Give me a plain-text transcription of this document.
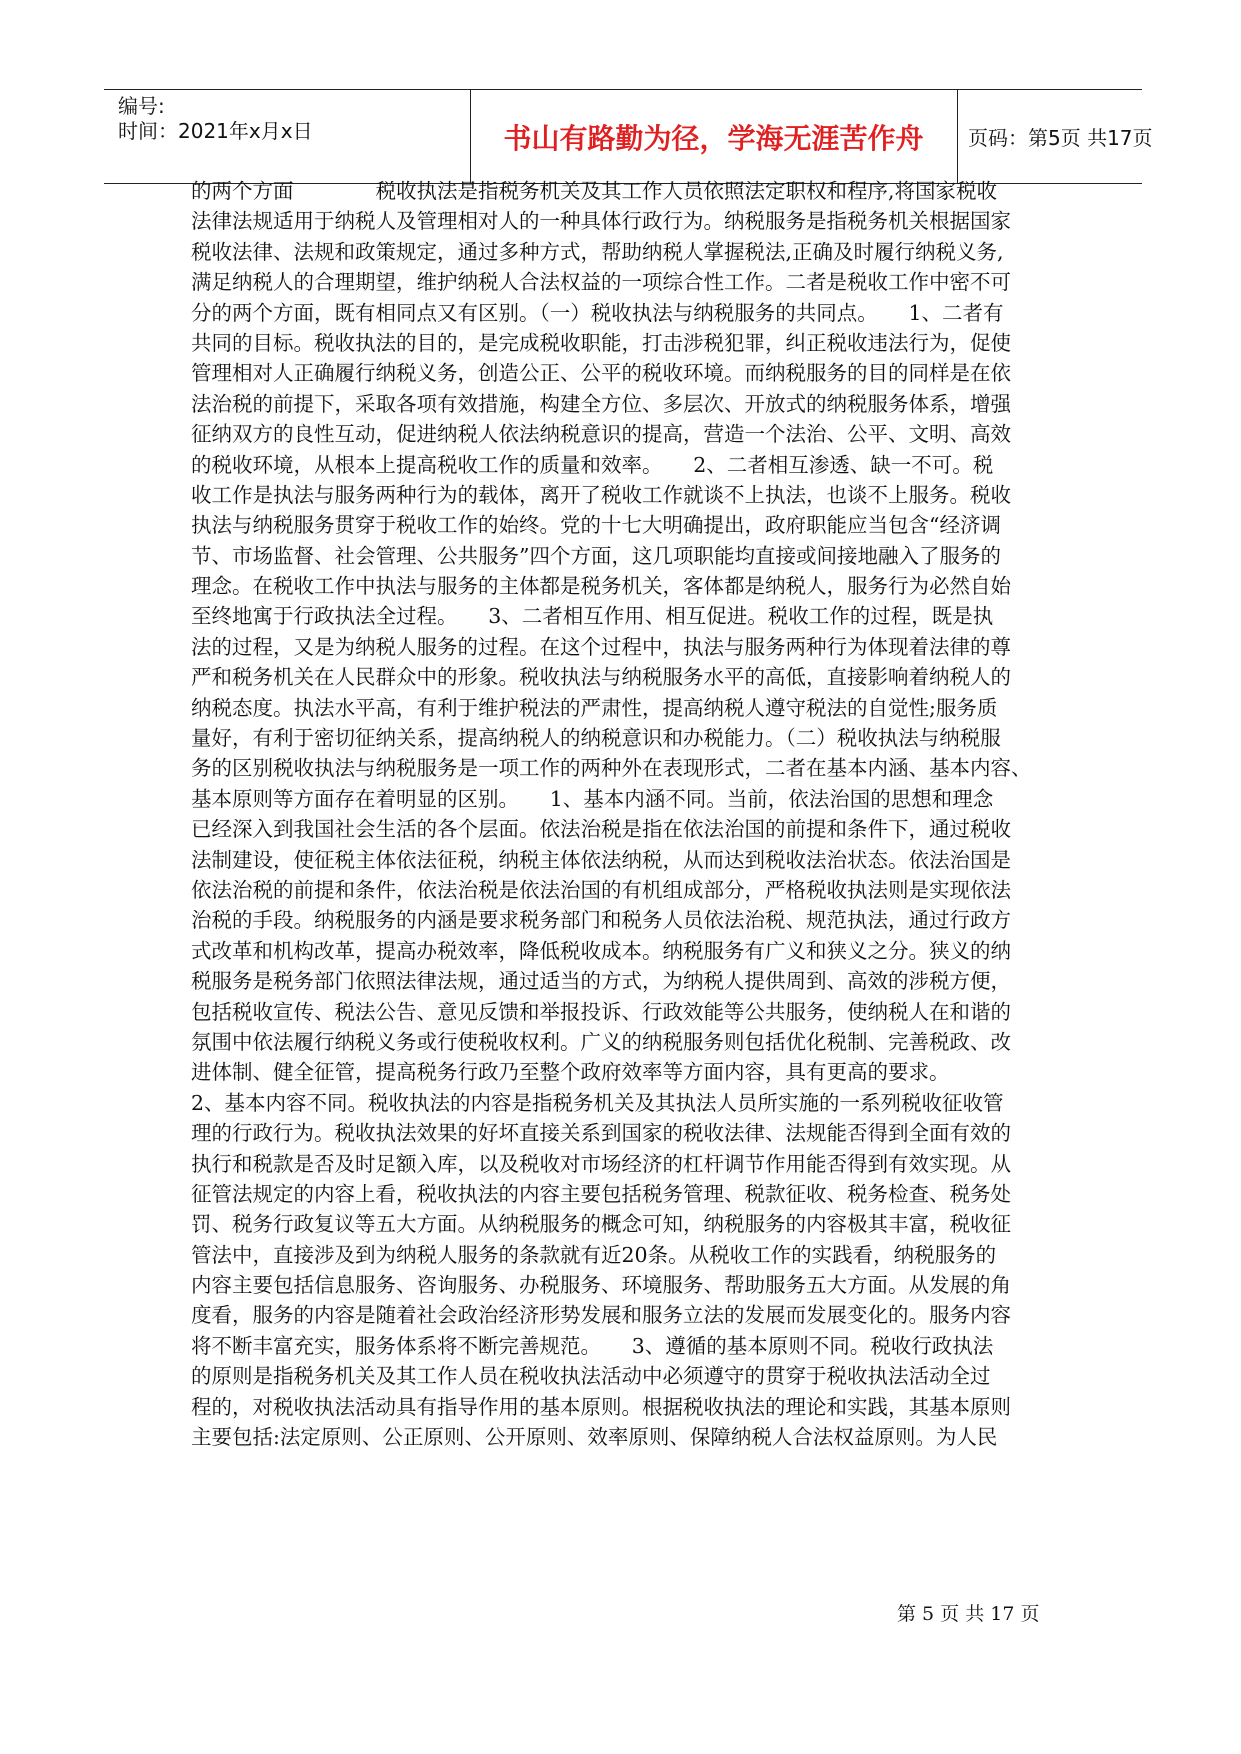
编号:
时间：2021年x月x日	书山有路勤为径，学海无涯苦作舟	页码：第5页 共17页
的两个方面　　　　税收执法是指税务机关及其工作人员依照法定职权和程序,将国家税收
法律法规适用于纳税人及管理相对人的一种具体行政行为。纳税服务是指税务机关根据国家
税收法律、法规和政策规定，通过多种方式，帮助纳税人掌握税法,正确及时履行纳税义务,
满足纳税人的合理期望，维护纳税人合法权益的一项综合性工作。二者是税收工作中密不可
分的两个方面，既有相同点又有区别。（一）税收执法与纳税服务的共同点。　　1、二者有
共同的目标。税收执法的目的，是完成税收职能，打击涉税犯罪，纠正税收违法行为，促使
管理相对人正确履行纳税义务，创造公正、公平的税收环境。而纳税服务的目的同样是在依
法治税的前提下，采取各项有效措施，构建全方位、多层次、开放式的纳税服务体系，增强
征纳双方的良性互动，促进纳税人依法纳税意识的提高，营造一个法治、公平、文明、高效
的税收环境，从根本上提高税收工作的质量和效率。　　2、二者相互渗透、缺一不可。税
收工作是执法与服务两种行为的载体，离开了税收工作就谈不上执法，也谈不上服务。税收
执法与纳税服务贯穿于税收工作的始终。党的十七大明确提出，政府职能应当包含“经济调
节、市场监督、社会管理、公共服务”四个方面，这几项职能均直接或间接地融入了服务的
理念。在税收工作中执法与服务的主体都是税务机关，客体都是纳税人，服务行为必然自始
至终地寓于行政执法全过程。　　3、二者相互作用、相互促进。税收工作的过程，既是执
法的过程，又是为纳税人服务的过程。在这个过程中，执法与服务两种行为体现着法律的尊
严和税务机关在人民群众中的形象。税收执法与纳税服务水平的高低，直接影响着纳税人的
纳税态度。执法水平高，有利于维护税法的严肃性，提高纳税人遵守税法的自觉性;服务质
量好，有利于密切征纳关系，提高纳税人的纳税意识和办税能力。（二）税收执法与纳税服
务的区别税收执法与纳税服务是一项工作的两种外在表现形式，二者在基本内涵、基本内容、
基本原则等方面存在着明显的区别。　　1、基本内涵不同。当前，依法治国的思想和理念
已经深入到我国社会生活的各个层面。依法治税是指在依法治国的前提和条件下，通过税收
法制建设，使征税主体依法征税，纳税主体依法纳税，从而达到税收法治状态。依法治国是
依法治税的前提和条件，依法治税是依法治国的有机组成部分，严格税收执法则是实现依法
治税的手段。纳税服务的内涵是要求税务部门和税务人员依法治税、规范执法，通过行政方
式改革和机构改革，提高办税效率，降低税收成本。纳税服务有广义和狭义之分。狭义的纳
税服务是税务部门依照法律法规，通过适当的方式，为纳税人提供周到、高效的涉税方便，
包括税收宣传、税法公告、意见反馈和举报投诉、行政效能等公共服务，使纳税人在和谐的
氛围中依法履行纳税义务或行使税收权利。广义的纳税服务则包括优化税制、完善税政、改
进体制、健全征管，提高税务行政乃至整个政府效率等方面内容，具有更高的要求。
2、基本内容不同。税收执法的内容是指税务机关及其执法人员所实施的一系列税收征收管
理的行政行为。税收执法效果的好坏直接关系到国家的税收法律、法规能否得到全面有效的
执行和税款是否及时足额入库，以及税收对市场经济的杠杆调节作用能否得到有效实现。从
征管法规定的内容上看，税收执法的内容主要包括税务管理、税款征收、税务检查、税务处
罚、税务行政复议等五大方面。从纳税服务的概念可知，纳税服务的内容极其丰富，税收征
管法中，直接涉及到为纳税人服务的条款就有近20条。从税收工作的实践看，纳税服务的
内容主要包括信息服务、咨询服务、办税服务、环境服务、帮助服务五大方面。从发展的角
度看，服务的内容是随着社会政治经济形势发展和服务立法的发展而发展变化的。服务内容
将不断丰富充实，服务体系将不断完善规范。　　3、遵循的基本原则不同。税收行政执法
的原则是指税务机关及其工作人员在税收执法活动中必须遵守的贯穿于税收执法活动全过
程的，对税收执法活动具有指导作用的基本原则。根据税收执法的理论和实践，其基本原则
主要包括:法定原则、公正原则、公开原则、效率原则、保障纳税人合法权益原则。为人民
第 5 页 共 17 页
